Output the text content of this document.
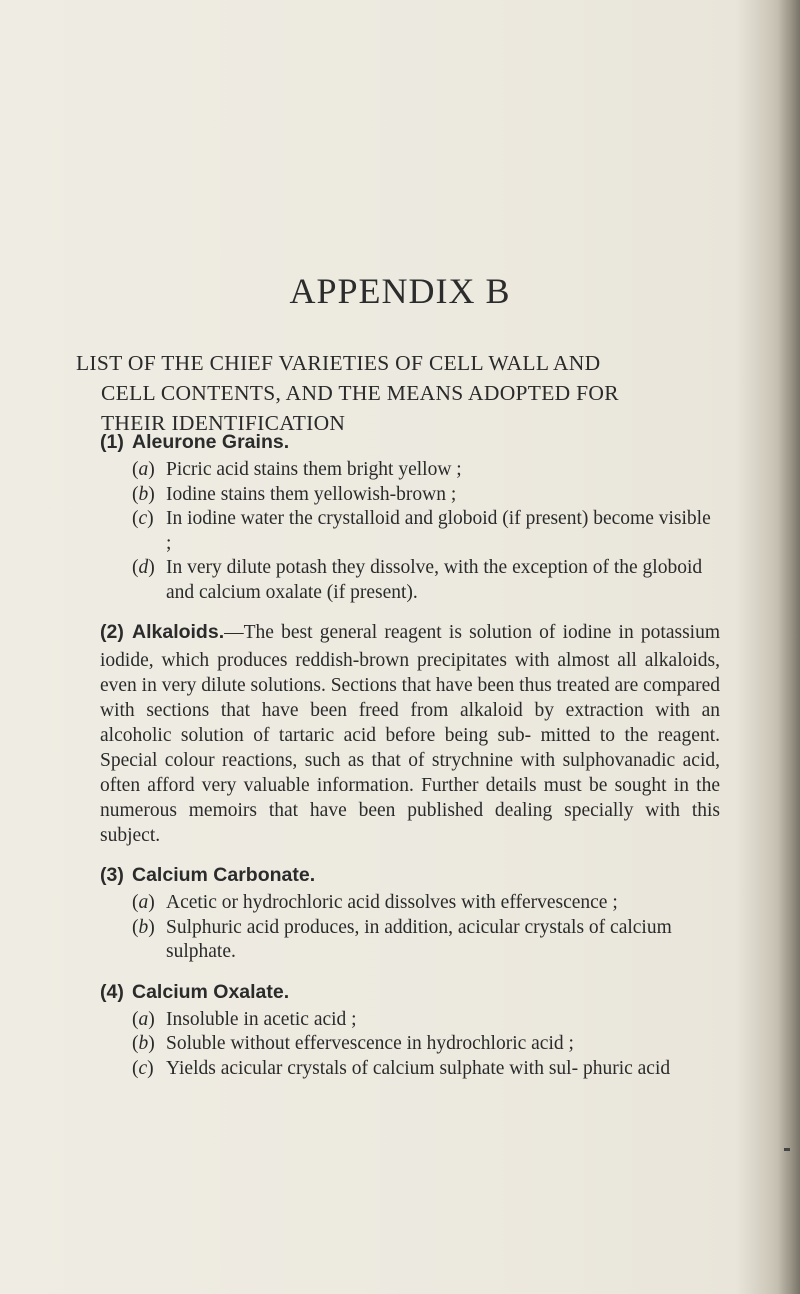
APPENDIX B
LIST OF THE CHIEF VARIETIES OF CELL WALL AND
CELL CONTENTS, AND THE MEANS ADOPTED FOR
THEIR IDENTIFICATION
(1) Aleurone Grains.
(a) Picric acid stains them bright yellow ;
(b) Iodine stains them yellowish-brown ;
(c) In iodine water the crystalloid and globoid (if present) become visible ;
(d) In very dilute potash they dissolve, with the exception of the globoid and calcium oxalate (if present).

(2) Alkaloids.—The best general reagent is solution of iodine in potassium iodide, which produces reddish-brown precipitates with almost all alkaloids, even in very dilute solutions. Sections that have been thus treated are compared with sections that have been freed from alkaloid by extraction with an alcoholic solution of tartaric acid before being sub- mitted to the reagent. Special colour reactions, such as that of strychnine with sulphovanadic acid, often afford very valuable information. Further details must be sought in the numerous memoirs that have been published dealing specially with this subject.

(3) Calcium Carbonate.
(a) Acetic or hydrochloric acid dissolves with effervescence ;
(b) Sulphuric acid produces, in addition, acicular crystals of calcium sulphate.
(4) Calcium Oxalate.
(a) Insoluble in acetic acid ;
(b) Soluble without effervescence in hydrochloric acid ;
(c) Yields acicular crystals of calcium sulphate with sul- phuric acid
